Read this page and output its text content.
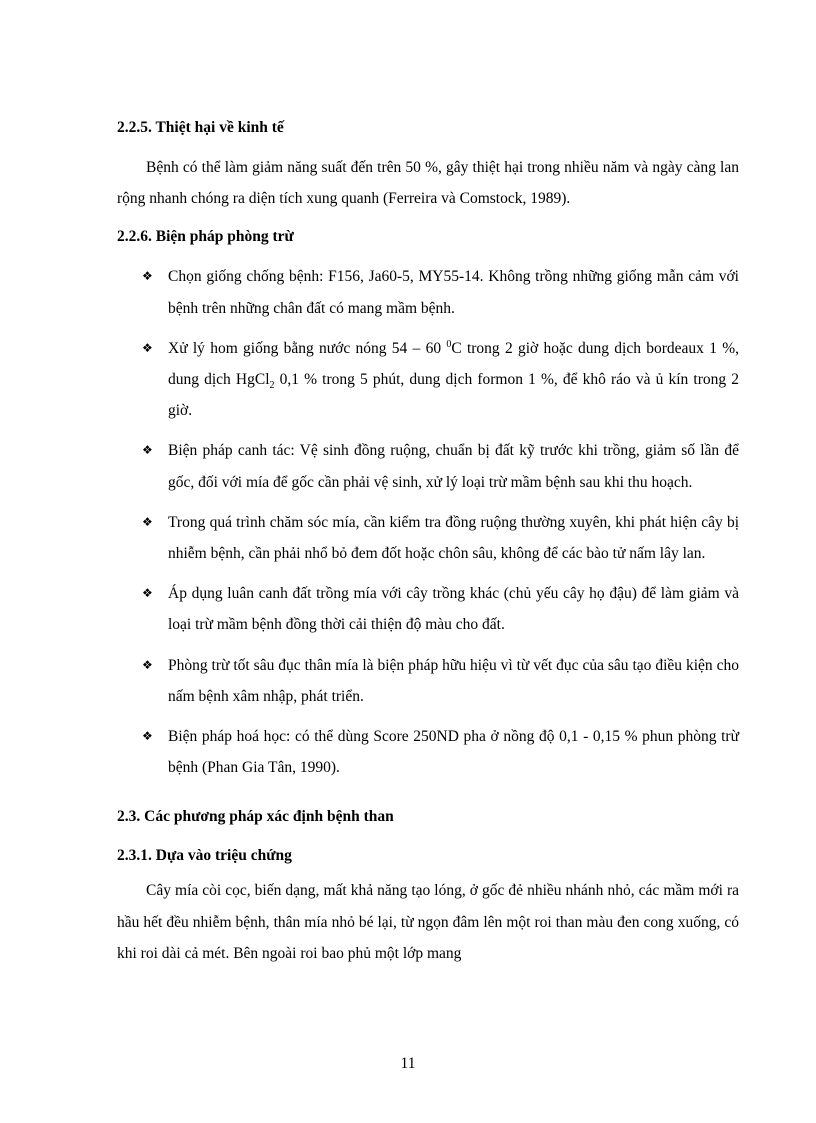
2.2.5. Thiệt hại về kinh tế

Bệnh có thể làm giảm năng suất đến trên 50 %, gây thiệt hại trong nhiều năm và ngày càng lan rộng nhanh chóng ra diện tích xung quanh (Ferreira và Comstock, 1989).

2.2.6. Biện pháp phòng trừ
❖ Chọn giống chống bệnh: F156, Ja60-5, MY55-14. Không trồng những giống mẫn cảm với bệnh trên những chân đất có mang mầm bệnh.
❖ Xử lý hom giống bằng nước nóng 54 – 60 $^0$C trong 2 giờ hoặc dung dịch bordeaux 1 %, dung dịch HgCl$_2$ 0,1 % trong 5 phút, dung dịch formon 1 %, để khô ráo và ủ kín trong 2 giờ.
❖ Biện pháp canh tác: Vệ sinh đồng ruộng, chuẩn bị đất kỹ trước khi trồng, giảm số lần để gốc, đối với mía để gốc cần phải vệ sinh, xử lý loại trừ mầm bệnh sau khi thu hoạch.
❖ Trong quá trình chăm sóc mía, cần kiểm tra đồng ruộng thường xuyên, khi phát hiện cây bị nhiễm bệnh, cần phải nhổ bỏ đem đốt hoặc chôn sâu, không để các bào tử nấm lây lan.
❖ Áp dụng luân canh đất trồng mía với cây trồng khác (chủ yếu cây họ đậu) để làm giảm và loại trừ mầm bệnh đồng thời cải thiện độ màu cho đất.
❖ Phòng trừ tốt sâu đục thân mía là biện pháp hữu hiệu vì từ vết đục của sâu tạo điều kiện cho nấm bệnh xâm nhập, phát triển.
❖ Biện pháp hoá học: có thể dùng Score 250ND pha ở nồng độ 0,1 - 0,15 % phun phòng trừ bệnh (Phan Gia Tân, 1990).
2.3. Các phương pháp xác định bệnh than
2.3.1. Dựa vào triệu chứng

Cây mía còi cọc, biến dạng, mất khả năng tạo lóng, ở gốc đẻ nhiều nhánh nhỏ, các mầm mới ra hầu hết đều nhiễm bệnh, thân mía nhỏ bé lại, từ ngọn đâm lên một roi than màu đen cong xuống, có khi roi dài cả mét. Bên ngoài roi bao phủ một lớp mang

11
